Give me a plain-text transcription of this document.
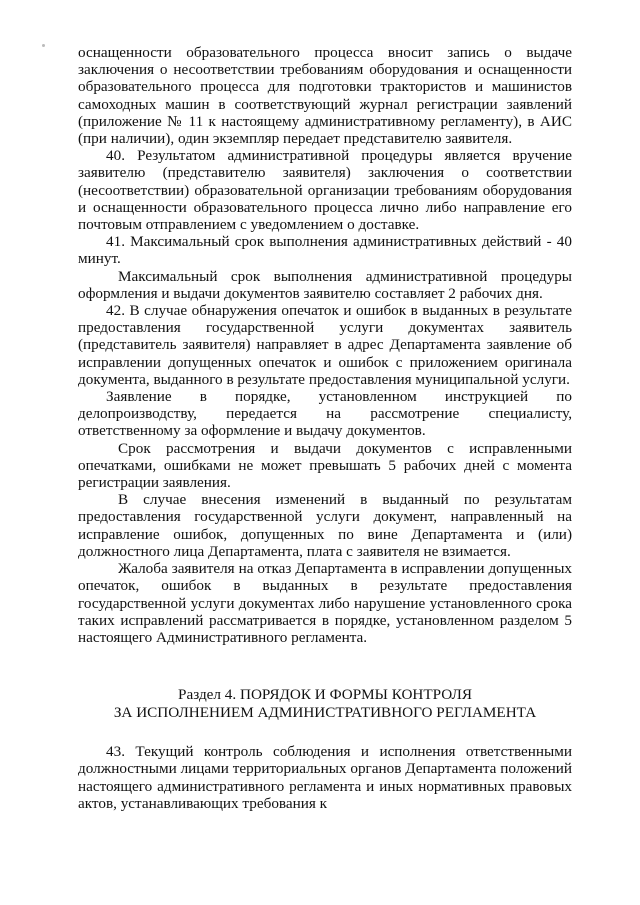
оснащенности образовательного процесса вносит запись о выдаче заключения о несоответствии требованиям оборудования и оснащенности образовательного процесса для подготовки трактористов и машинистов самоходных машин в соответствующий журнал регистрации заявлений (приложение № 11 к настоящему административному регламенту), в АИС (при наличии), один экземпляр передает представителю заявителя.

40. Результатом административной процедуры является вручение заявителю (представителю заявителя) заключения о соответствии (несоответствии) образовательной организации требованиям оборудования и оснащенности образовательного процесса лично либо направление его почтовым отправлением с уведомлением о доставке.

41. Максимальный срок выполнения административных действий - 40 минут.

Максимальный срок выполнения административной процедуры оформления и выдачи документов заявителю составляет 2 рабочих дня.

42. В случае обнаружения опечаток и ошибок в выданных в результате предоставления государственной услуги документах заявитель (представитель заявителя) направляет в адрес Департамента заявление об исправлении допущенных опечаток и ошибок с приложением оригинала документа, выданного в результате предоставления муниципальной услуги.

Заявление в порядке, установленном инструкцией по делопроизводству, передается на рассмотрение специалисту, ответственному за оформление и выдачу документов.

Срок рассмотрения и выдачи документов с исправленными опечатками, ошибками не может превышать 5 рабочих дней с момента регистрации заявления.

В случае внесения изменений в выданный по результатам предоставления государственной услуги документ, направленный на исправление ошибок, допущенных по вине Департамента и (или) должностного лица Департамента, плата с заявителя не взимается.

Жалоба заявителя на отказ Департамента в исправлении допущенных опечаток, ошибок в выданных в результате предоставления государственной услуги документах либо нарушение установленного срока таких исправлений рассматривается в порядке, установленном разделом 5 настоящего Административного регламента.

Раздел 4. ПОРЯДОК И ФОРМЫ КОНТРОЛЯ
ЗА ИСПОЛНЕНИЕМ АДМИНИСТРАТИВНОГО РЕГЛАМЕНТА

43. Текущий контроль соблюдения и исполнения ответственными должностными лицами территориальных органов Департамента положений настоящего административного регламента и иных нормативных правовых актов, устанавливающих требования к
